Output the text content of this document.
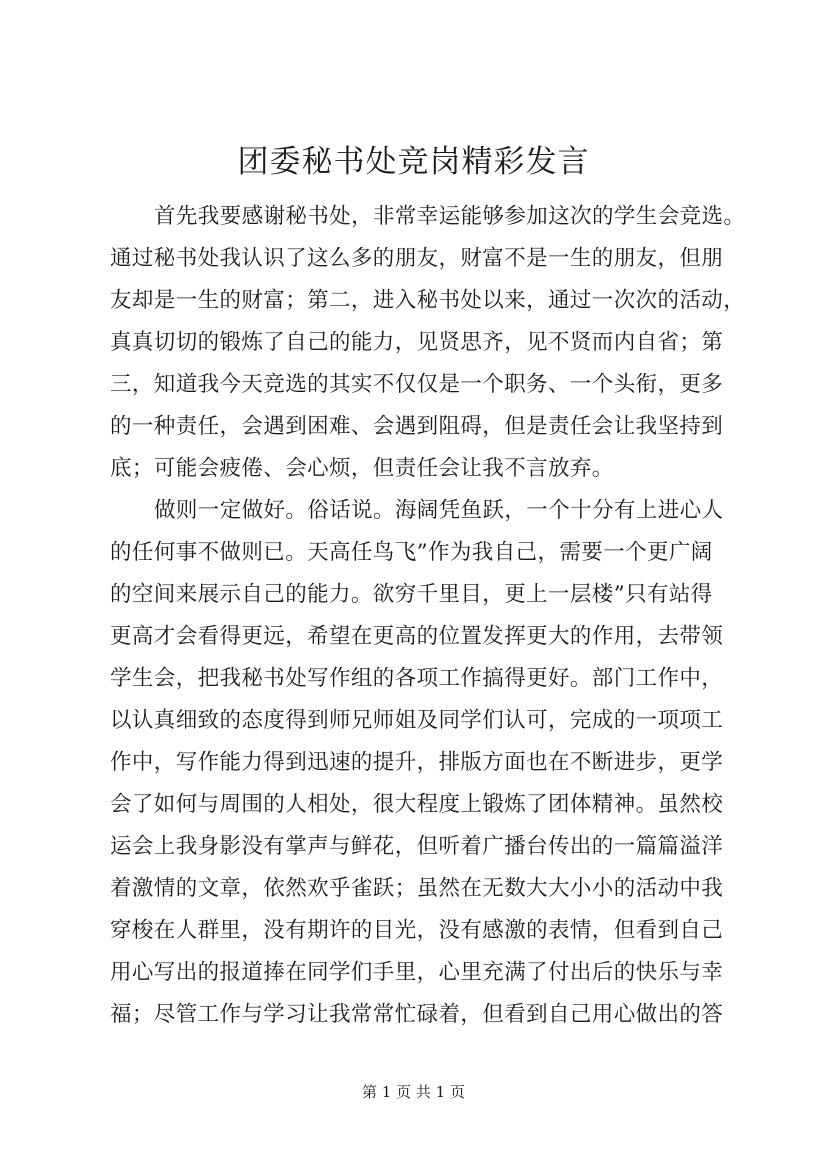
团委秘书处竞岗精彩发言
首先我要感谢秘书处，非常幸运能够参加这次的学生会竞选。
通过秘书处我认识了这么多的朋友，财富不是一生的朋友，但朋
友却是一生的财富；第二，进入秘书处以来，通过一次次的活动，
真真切切的锻炼了自己的能力，见贤思齐，见不贤而内自省；第
三，知道我今天竞选的其实不仅仅是一个职务、一个头衔，更多
的一种责任，会遇到困难、会遇到阻碍，但是责任会让我坚持到
底；可能会疲倦、会心烦，但责任会让我不言放弃。
做则一定做好。俗话说。海阔凭鱼跃，一个十分有上进心人
的任何事不做则已。天高任鸟飞”作为我自己，需要一个更广阔
的空间来展示自己的能力。欲穷千里目，更上一层楼”只有站得
更高才会看得更远，希望在更高的位置发挥更大的作用，去带领
学生会，把我秘书处写作组的各项工作搞得更好。部门工作中，
以认真细致的态度得到师兄师姐及同学们认可，完成的一项项工
作中，写作能力得到迅速的提升，排版方面也在不断进步，更学
会了如何与周围的人相处，很大程度上锻炼了团体精神。虽然校
运会上我身影没有掌声与鲜花，但听着广播台传出的一篇篇溢洋
着激情的文章，依然欢乎雀跃；虽然在无数大大小小的活动中我
穿梭在人群里，没有期许的目光，没有感激的表情，但看到自己
用心写出的报道捧在同学们手里，心里充满了付出后的快乐与幸
福；尽管工作与学习让我常常忙碌着，但看到自己用心做出的答
第 1 页 共 1 页
